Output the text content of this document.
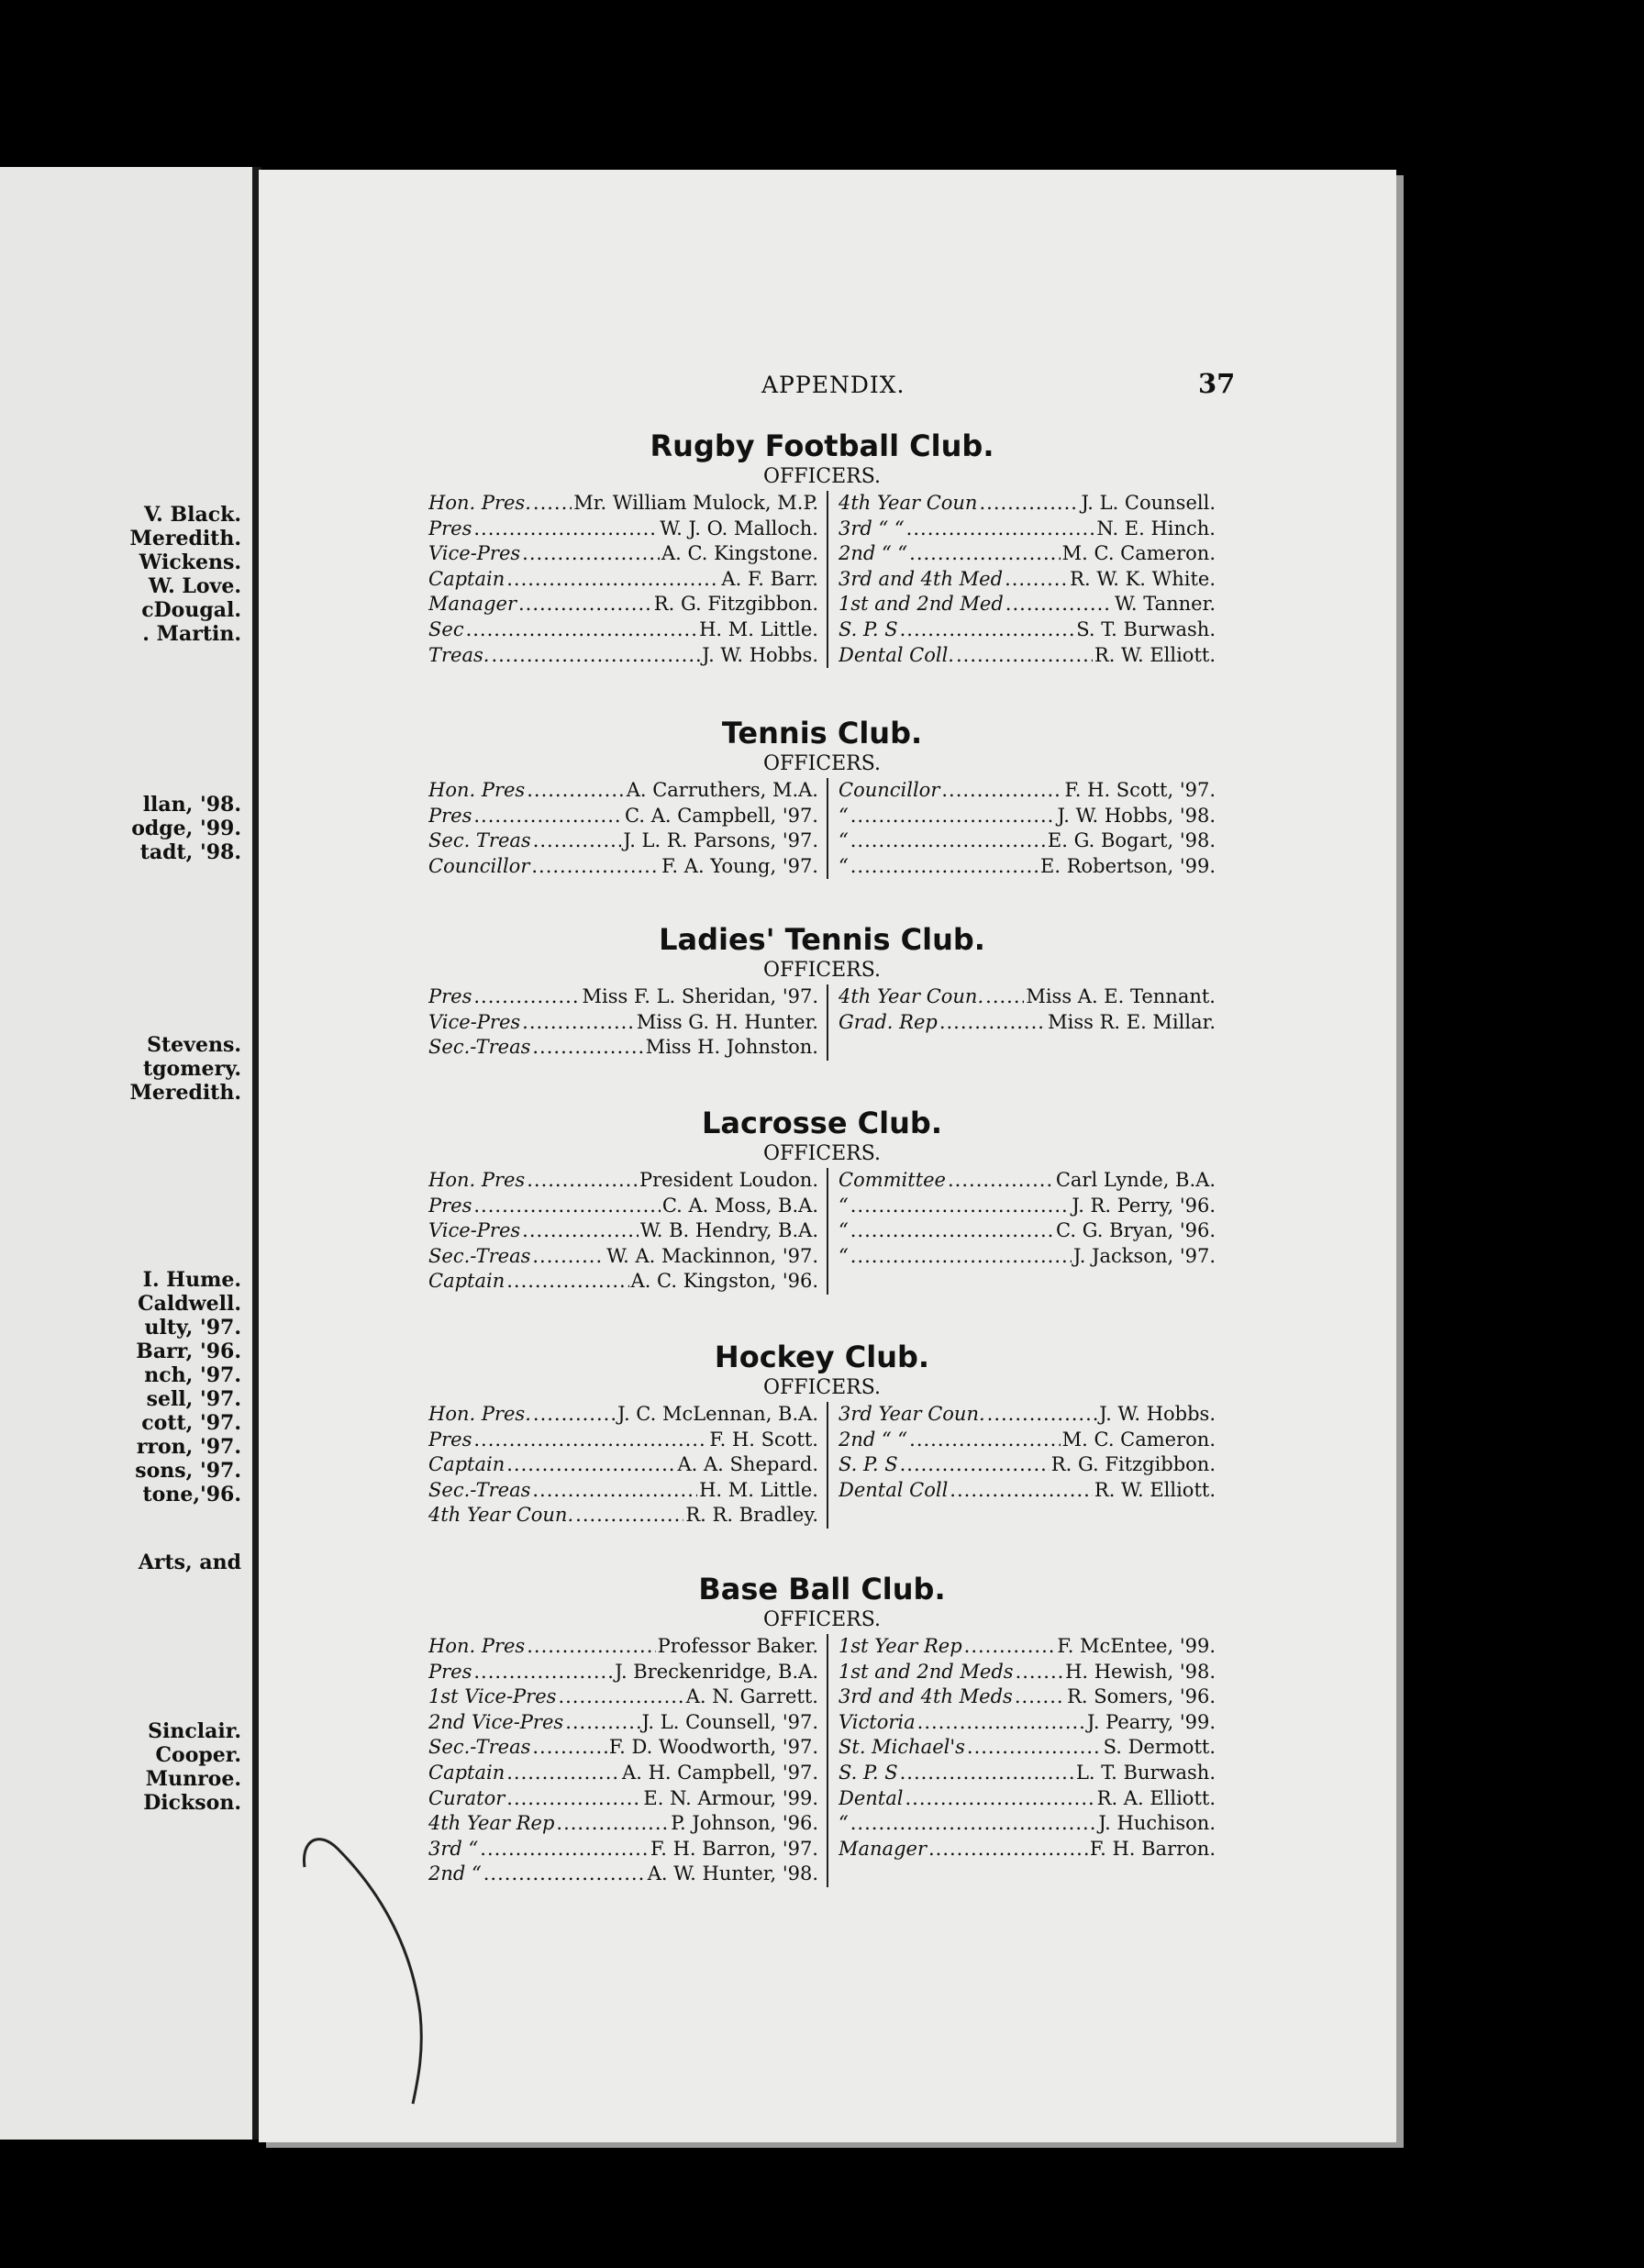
V. Black.
Meredith.
Wickens.
W. Love.
cDougal.
. Martin.
llan, '98.
odge, '99.
tadt, '98.
Stevens.
tgomery.
Meredith.
I. Hume.
Caldwell.
ulty, '97.
Barr, '96.
nch, '97.
sell, '97.
cott, '97.
rron, '97.
sons, '97.
tone,'96.
Arts, and
Sinclair.
Cooper.
Munroe.
Dickson.
APPENDIX.	37
Rugby Football Club.
OFFICERS.
Hon. Pres. ..... Mr. William Mulock, M.P.
Pres .....	W. J. O. Malloch.
Vice-Pres .....	A. C. Kingstone.
Captain .....	A. F. Barr.
Manager .....	R. G. Fitzgibbon.
Sec .....	H. M. Little.
Treas. .....	J. W. Hobbs.
4th Year Coun .....	J. L. Counsell.
3rd “ “ .....	N. E. Hinch.
2nd “ “ .....	M. C. Cameron.
3rd and 4th Med .....	R. W. K. White.
1st and 2nd Med .....	W. Tanner.
S. P. S .....	S. T. Burwash.
Dental Coll. .....	R. W. Elliott.
Tennis Club.
OFFICERS.
Hon. Pres .....	A. Carruthers, M.A.
Pres .....	C. A. Campbell, '97.
Sec. Treas .....	J. L. R. Parsons, '97.
Councillor .....	F. A. Young, '97.
Councillor .....	F. H. Scott, '97.
“ .....	J. W. Hobbs, '98.
“ .....	E. G. Bogart, '98.
“ .....	E. Robertson, '99.
Ladies' Tennis Club.
OFFICERS.
Pres .....	Miss F. L. Sheridan, '97.
Vice-Pres .....	Miss G. H. Hunter.
Sec.-Treas .....	Miss H. Johnston.
4th Year Coun. ..... Miss A. E. Tennant.
Grad. Rep .....	Miss R. E. Millar.
Lacrosse Club.
OFFICERS.
Hon. Pres .....	President Loudon.
Pres .....	C. A. Moss, B.A.
Vice-Pres .....	W. B. Hendry, B.A.
Sec.-Treas .....	W. A. Mackinnon, '97.
Captain .....	A. C. Kingston, '96.
Committee .....	Carl Lynde, B.A.
“ .....	J. R. Perry, '96.
“ .....	C. G. Bryan, '96.
“ .....	J. Jackson, '97.
Hockey Club.
OFFICERS.
Hon. Pres. .....	J. C. McLennan, B.A.
Pres .....	F. H. Scott.
Captain .....	A. A. Shepard.
Sec.-Treas .....	H. M. Little.
4th Year Coun. .....	R. R. Bradley.
3rd Year Coun. .....	J. W. Hobbs.
2nd “ “ .....	M. C. Cameron.
S. P. S .....	R. G. Fitzgibbon.
Dental Coll .....	R. W. Elliott.
Base Ball Club.
OFFICERS.
Hon. Pres .....	Professor Baker.
Pres .....	J. Breckenridge, B.A.
1st Vice-Pres .....	A. N. Garrett.
2nd Vice-Pres .....	J. L. Counsell, '97.
Sec.-Treas .....	F. D. Woodworth, '97.
Captain .....	A. H. Campbell, '97.
Curator .....	E. N. Armour, '99.
4th Year Rep .....	P. Johnson, '96.
3rd “ .....	F. H. Barron, '97.
2nd “ .....	A. W. Hunter, '98.
1st Year Rep .....	F. McEntee, '99.
1st and 2nd Meds .....	H. Hewish, '98.
3rd and 4th Meds .....	R. Somers, '96.
Victoria .....	J. Pearry, '99.
St. Michael's .....	S. Dermott.
S. P. S .....	L. T. Burwash.
Dental .....	R. A. Elliott.
“ .....	J. Huchison.
Manager .....	F. H. Barron.
